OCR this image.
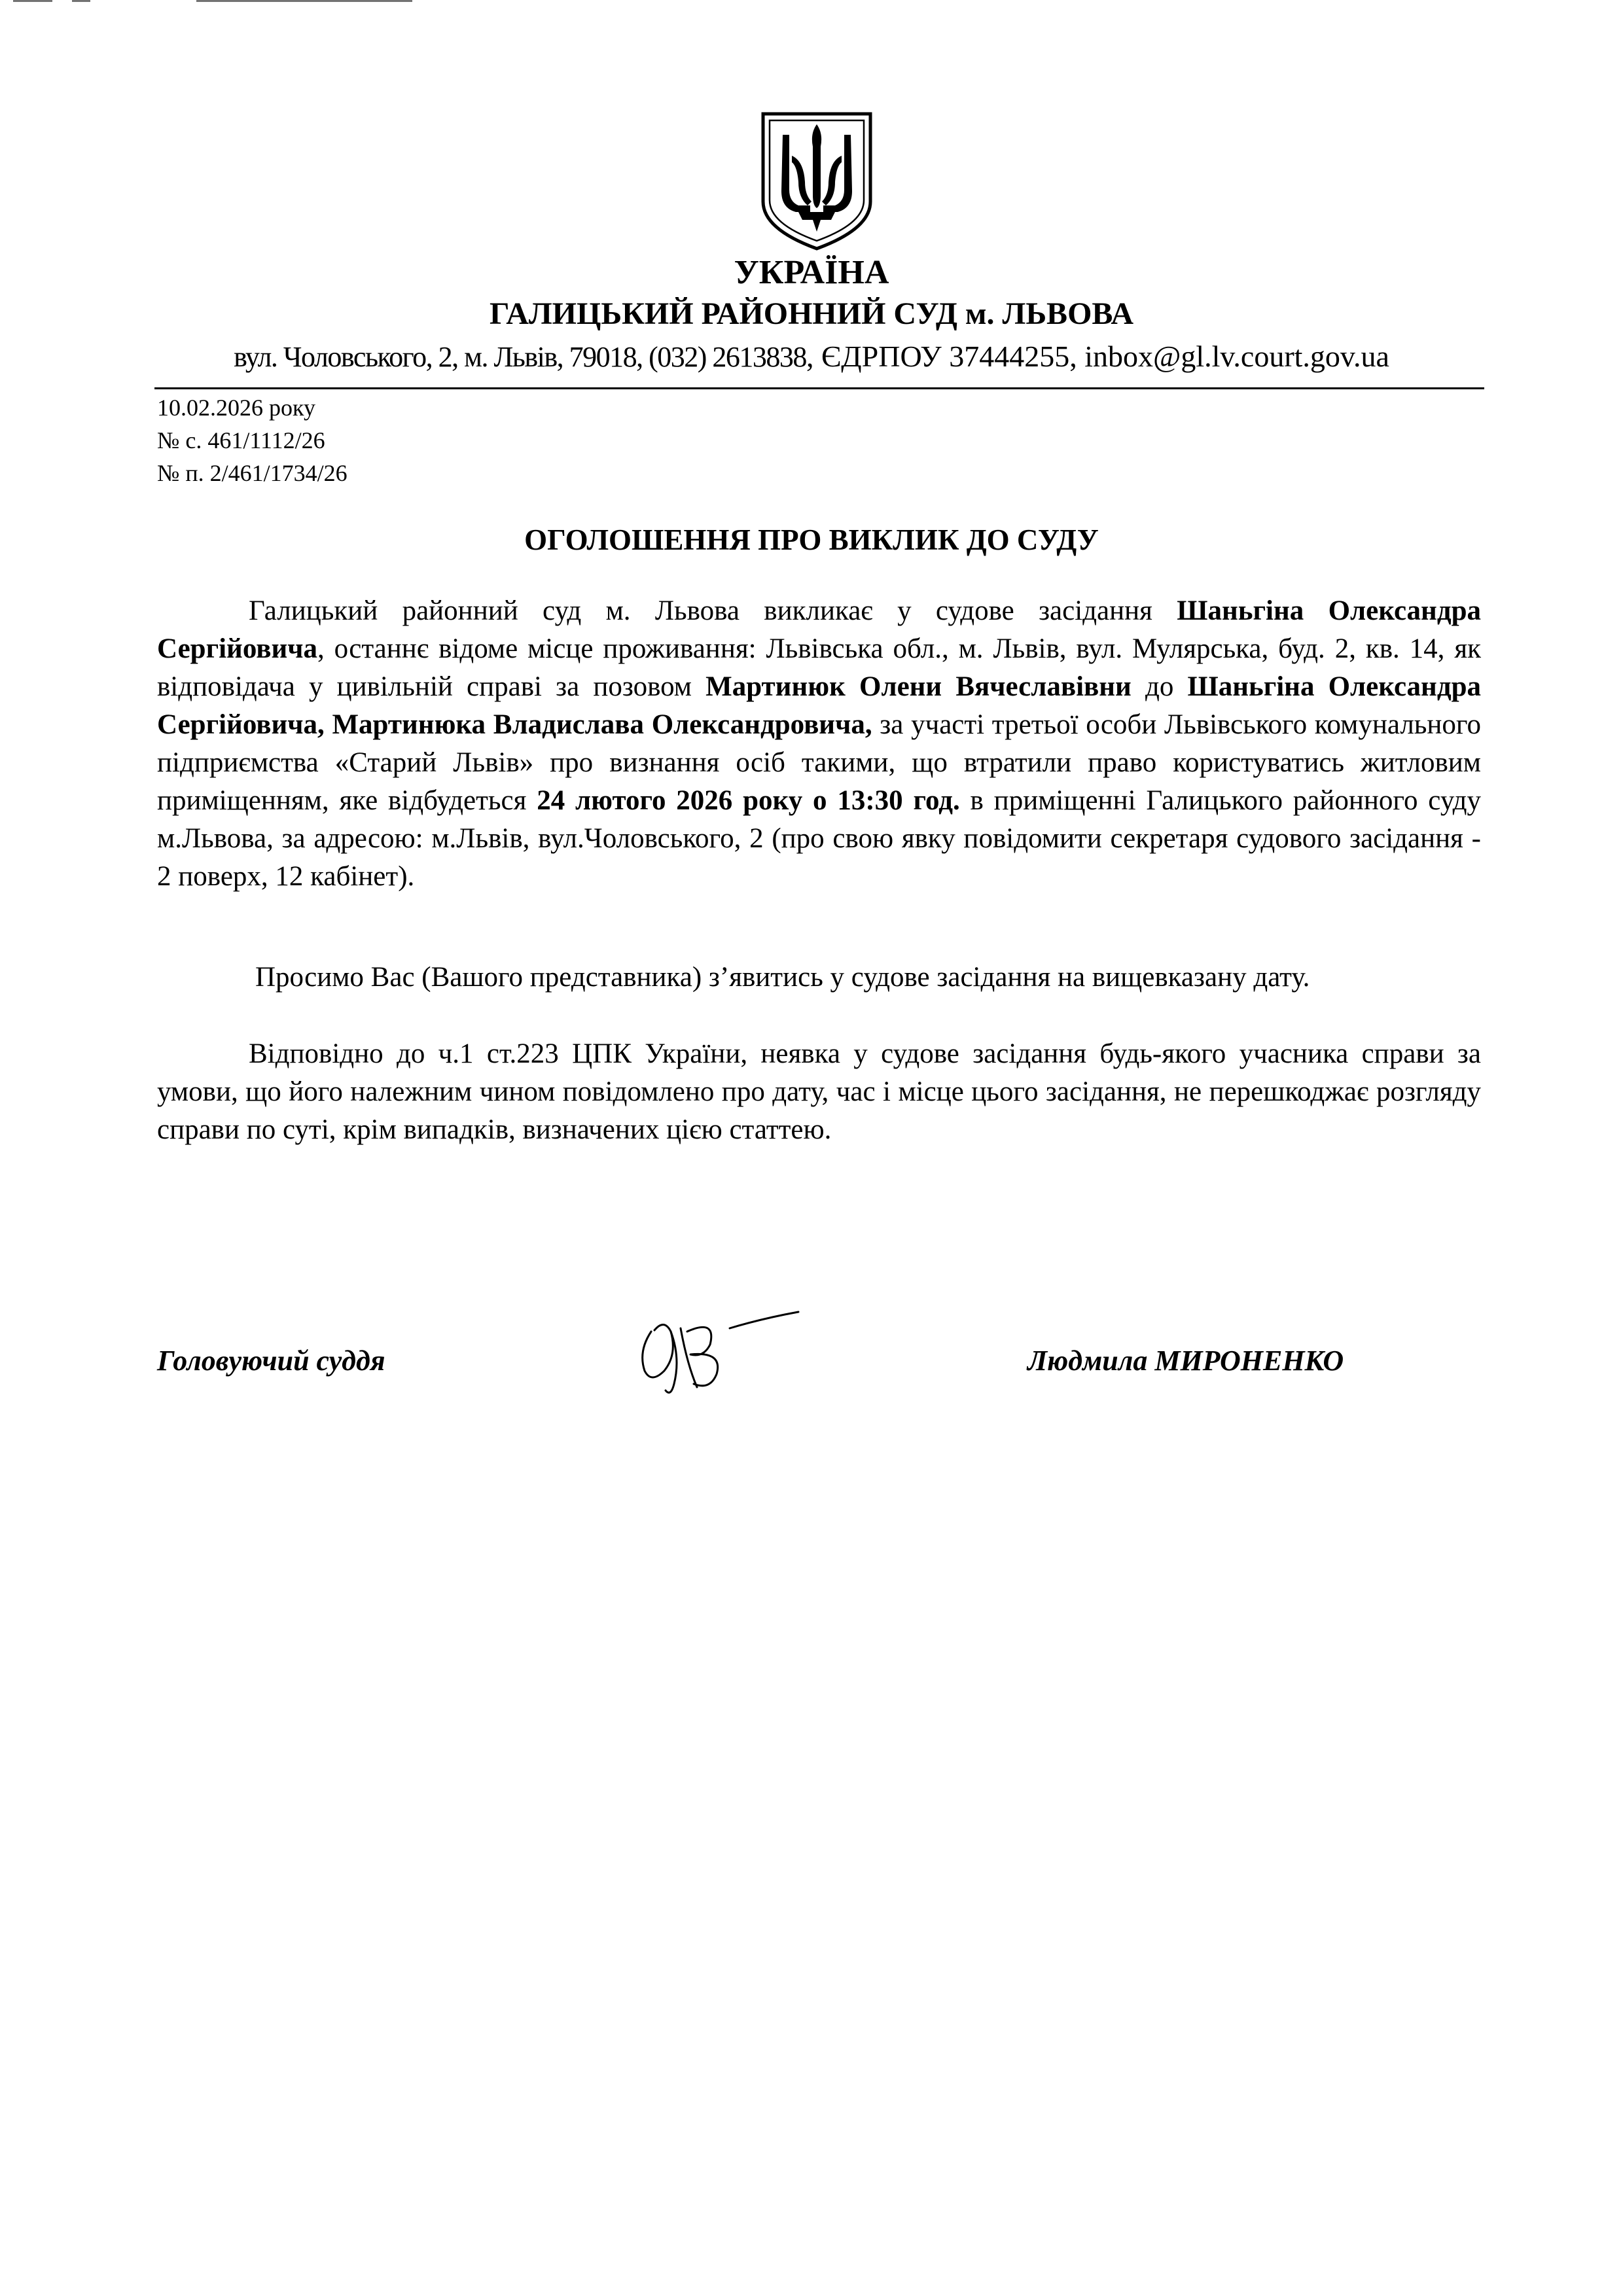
УКРАЇНА
ГАЛИЦЬКИЙ РАЙОННИЙ СУД м. ЛЬВОВА
вул. Чоловського, 2, м. Львів, 79018, (032) 2613838, ЄДРПОУ 37444255, inbox@gl.lv.court.gov.ua
10.02.2026 року
№ с. 461/1112/26
№ п. 2/461/1734/26
ОГОЛОШЕННЯ ПРО ВИКЛИК ДО СУДУ
Галицький районний суд м. Львова викликає у судове засідання Шаньгіна Олександра Сергійовича, останнє відоме місце проживання: Львівська обл., м. Львів, вул. Мулярська, буд. 2, кв. 14, як відповідача у цивільній справі за позовом Мартинюк Олени Вячеславівни до Шаньгіна Олександра Сергійовича, Мартинюка Владислава Олександровича, за участі третьої особи Львівського комунального підприємства «Старий Львів» про визнання осіб такими, що втратили право користуватись житловим приміщенням, яке відбудеться 24 лютого 2026 року о 13:30 год. в приміщенні Галицького районного суду м.Львова, за адресою: м.Львів, вул.Чоловського, 2 (про свою явку повідомити секретаря судового засідання - 2 поверх, 12 кабінет).
Просимо Вас (Вашого представника) з’явитись у судове засідання на вищевказану дату.
Відповідно до ч.1 ст.223 ЦПК України, неявка у судове засідання будь-якого учасника справи за умови, що його належним чином повідомлено про дату, час і місце цього засідання, не перешкоджає розгляду справи по суті, крім випадків, визначених цією статтею.
Головуючий суддя	Людмила МИРОНЕНКО
